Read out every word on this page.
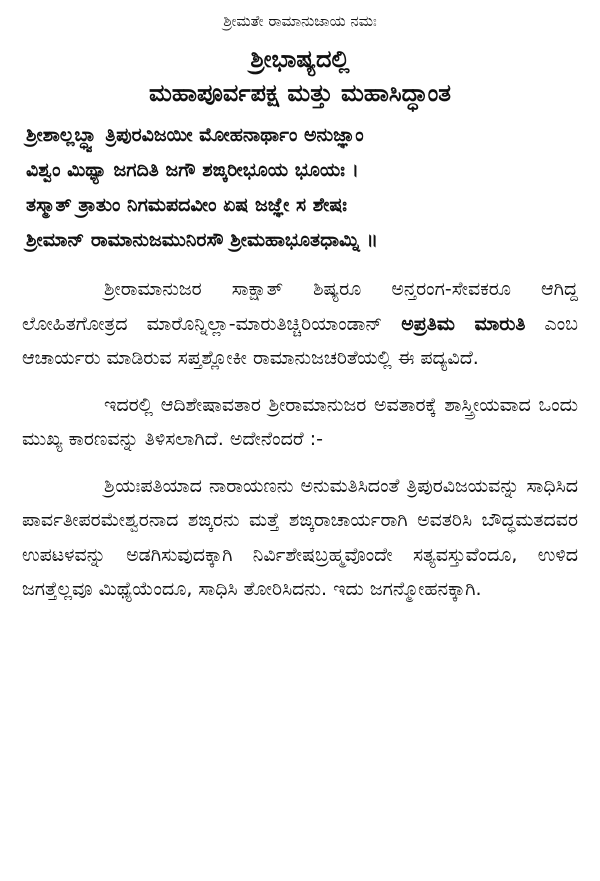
ಶ್ರೀಮತೇ ರಾಮಾನುಜಾಯ ನಮಃ
ಶ್ರೀಭಾಷ್ಯದಲ್ಲಿ
ಮಹಾಪೂರ್ವಪಕ್ಷ ಮತ್ತು ಮಹಾಸಿದ್ಧಾಂತ
ಶ್ರೀಶಾಲ್ಲಬ್ಧ್ವಾ ತ್ರಿಪುರವಿಜಯೀ ಮೋಹನಾರ್ಥಾಂ ಅನುಜ್ಞಾಂ
ವಿಶ್ವಂ ಮಿಥ್ಯಾ ಜಗದಿತಿ ಜಗೌ ಶಙ್ಕರೀಭೂಯ ಭೂಯಃ ।
ತಸ್ಮಾತ್ ತ್ರಾತುಂ ನಿಗಮಪದವೀಂ ಏಷ ಜಜ್ಞೇ ಸ ಶೇಷಃ
ಶ್ರೀಮಾನ್ ರಾಮಾನುಜಮುನಿರಸೌ ಶ್ರೀಮಹಾಭೂತಧಾಮ್ನಿ ॥

ಶ್ರೀರಾಮಾನುಜರ ಸಾಕ್ಷಾತ್ ಶಿಷ್ಯರೂ ಅನ್ತರಂಗ-ಸೇವಕರೂ ಆಗಿದ್ದ ಲೋಹಿತಗೋತ್ರದ ಮಾರೊನ್ನಿಲ್ಲಾ-ಮಾರುತಿಚ್ಚಿರಿಯಾಂಡಾನ್ ಅಪ್ರತಿಮ ಮಾರುತಿ ಎಂಬ ಆಚಾರ್ಯರು ಮಾಡಿರುವ ಸಪ್ತಶ್ಲೋಕೀ ರಾಮಾನುಜಚರಿತೆಯಲ್ಲಿ ಈ ಪದ್ಯವಿದೆ.

ಇದರಲ್ಲಿ ಆದಿಶೇಷಾವತಾರ ಶ್ರೀರಾಮಾನುಜರ ಅವತಾರಕ್ಕೆ ಶಾಸ್ತ್ರೀಯವಾದ ಒಂದು ಮುಖ್ಯ ಕಾರಣವನ್ನು ತಿಳಿಸಲಾಗಿದೆ. ಅದೇನೆಂದರೆ :-

ಶ್ರಿಯಃಪತಿಯಾದ ನಾರಾಯಣನು ಅನುಮತಿಸಿದಂತೆ ತ್ರಿಪುರವಿಜಯವನ್ನು ಸಾಧಿಸಿದ ಪಾರ್ವತೀಪರಮೇಶ್ವರನಾದ ಶಙ್ಕರನು ಮತ್ತೆ ಶಙ್ಕರಾಚಾರ್ಯರಾಗಿ ಅವತರಿಸಿ ಬೌದ್ಧಮತದವರ ಉಪಟಳವನ್ನು ಅಡಗಿಸುವುದಕ್ಕಾಗಿ ನಿರ್ವಿಶೇಷಬ್ರಹ್ಮವೊಂದೇ ಸತ್ಯವಸ್ತುವೆಂದೂ, ಉಳಿದ ಜಗತ್ತೆಲ್ಲವೂ ಮಿಥ್ಯೆಯೆಂದೂ, ಸಾಧಿಸಿ ತೋರಿಸಿದನು. ಇದು ಜಗನ್ಮೋಹನಕ್ಕಾಗಿ.
